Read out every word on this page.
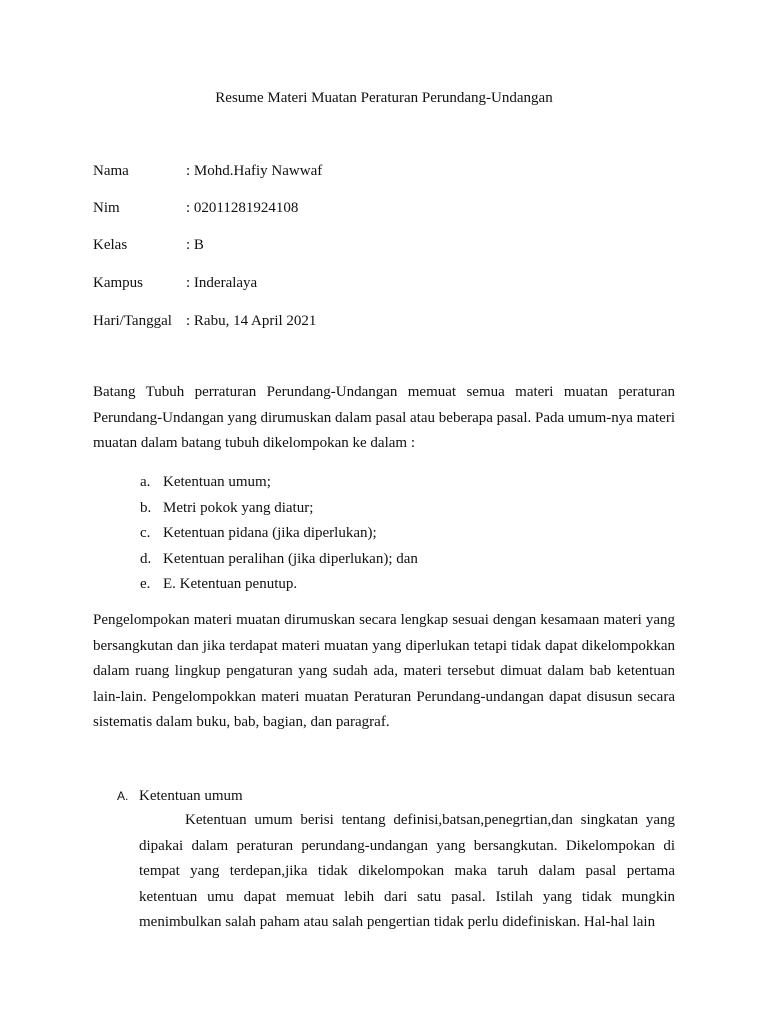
Resume Materi Muatan Peraturan Perundang-Undangan
Nama	: Mohd.Hafiy Nawwaf
Nim	: 02011281924108
Kelas	: B
Kampus	: Inderalaya
Hari/Tanggal : Rabu, 14 April 2021

Batang Tubuh perraturan Perundang-Undangan memuat semua materi muatan peraturan Perundang-Undangan yang dirumuskan dalam pasal atau beberapa pasal. Pada umum-nya materi muatan dalam batang tubuh dikelompokan ke dalam :

a. Ketentuan umum;
b. Metri pokok yang diatur;
c. Ketentuan pidana (jika diperlukan);
d. Ketentuan peralihan (jika diperlukan); dan
e. E. Ketentuan penutup.

Pengelompokan materi muatan dirumuskan secara lengkap sesuai dengan kesamaan materi yang bersangkutan dan jika terdapat materi muatan yang diperlukan tetapi tidak dapat dikelompokkan dalam ruang lingkup pengaturan yang sudah ada, materi tersebut dimuat dalam bab ketentuan lain-lain. Pengelompokkan materi muatan Peraturan Perundang-undangan dapat disusun secara sistematis dalam buku, bab, bagian, dan paragraf.

A. Ketentuan umum

Ketentuan umum berisi tentang definisi,batsan,penegrtian,dan singkatan yang dipakai dalam peraturan perundang-undangan yang bersangkutan. Dikelompokan di tempat yang terdepan,jika tidak dikelompokan maka taruh dalam pasal pertama ketentuan umu dapat memuat lebih dari satu pasal. Istilah yang tidak mungkin menimbulkan salah paham atau salah pengertian tidak perlu didefiniskan. Hal-hal lain
